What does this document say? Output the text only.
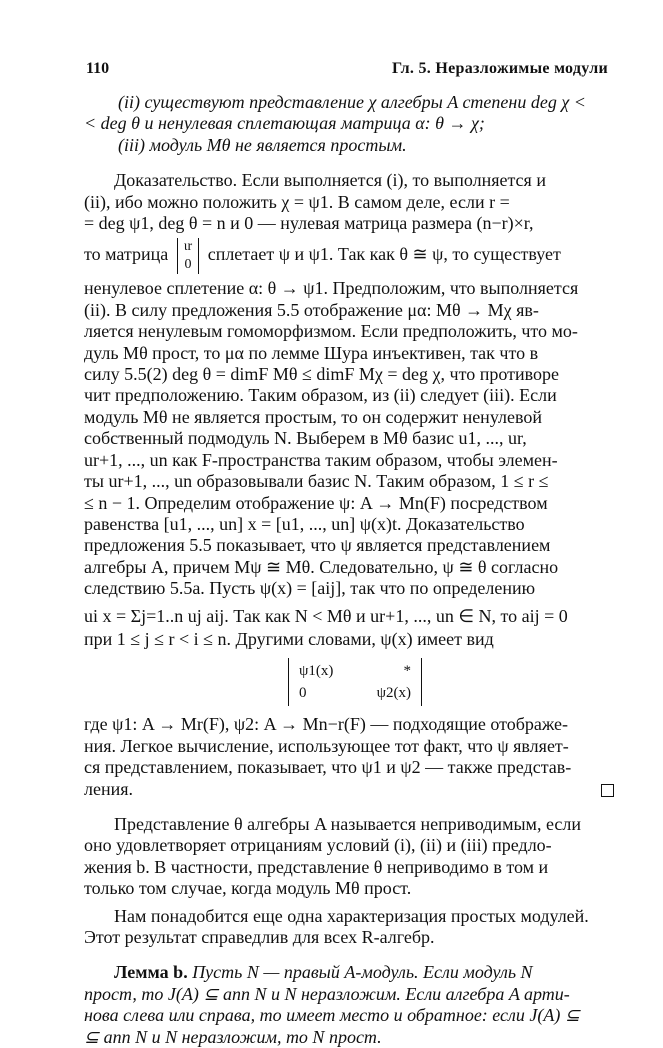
110	Гл. 5. Неразложимые модули

(ii) существуют представление χ алгебры A степени deg χ <

< deg θ и ненулевая сплетающая матрица α: θ → χ;

(iii) модуль Mθ не является простым.

Доказательство. Если выполняется (i), то выполняется и

(ii), ибо можно положить χ = ψ1. В самом деле, если r =

= deg ψ1, deg θ = n и 0 — нулевая матрица размера (n−r)×r,

то матрица ιr
0
сплетает ψ и ψ1. Так как θ ≅ ψ, то существует

ненулевое сплетение α: θ → ψ1. Предположим, что выполняется

(ii). В силу предложения 5.5 отображение μα: Mθ → Mχ яв-

ляется ненулевым гомоморфизмом. Если предположить, что мо-

дуль Mθ прост, то μα по лемме Шура инъективен, так что в

силу 5.5(2) deg θ = dimF Mθ ≤ dimF Mχ = deg χ, что противоре

чит предположению. Таким образом, из (ii) следует (iii). Если

модуль Mθ не является простым, то он содержит ненулевой

собственный подмодуль N. Выберем в Mθ базис u1, ..., ur,

ur+1, ..., un как F-пространства таким образом, чтобы элемен-

ты ur+1, ..., un образовывали базис N. Таким образом, 1 ≤ r ≤

≤ n − 1. Определим отображение ψ: A → Mn(F) посредством

равенства [u1, ..., un] x = [u1, ..., un] ψ(x)t. Доказательство

предложения 5.5 показывает, что ψ является представлением

алгебры A, причем Mψ ≅ Mθ. Следовательно, ψ ≅ θ согласно

следствию 5.5a. Пусть ψ(x) = [aij], так что по определению

ui x = Σj=1..n uj aij. Так как N < Mθ и ur+1, ..., un ∈ N, то aij = 0

при 1 ≤ j ≤ r < i ≤ n. Другими словами, ψ(x) имеет вид

ψ1(x)	*
0	ψ2(x)

где ψ1: A → Mr(F), ψ2: A → Mn−r(F) — подходящие отображе-

ния. Легкое вычисление, использующее тот факт, что ψ являет-

ся представлением, показывает, что ψ1 и ψ2 — также представ-

ления.

Представление θ алгебры A называется неприводимым, если

оно удовлетворяет отрицаниям условий (i), (ii) и (iii) предло-

жения b. В частности, представление θ неприводимо в том и

только том случае, когда модуль Mθ прост.

Нам понадобится еще одна характеризация простых модулей.

Этот результат справедлив для всех R-алгебр.

Лемма b. Пусть N — правый A-модуль. Если модуль N

прост, то J(A) ⊆ ann N и N неразложим. Если алгебра A арти-

нова слева или справа, то имеет место и обратное: если J(A) ⊆

⊆ ann N и N неразложим, то N прост.
